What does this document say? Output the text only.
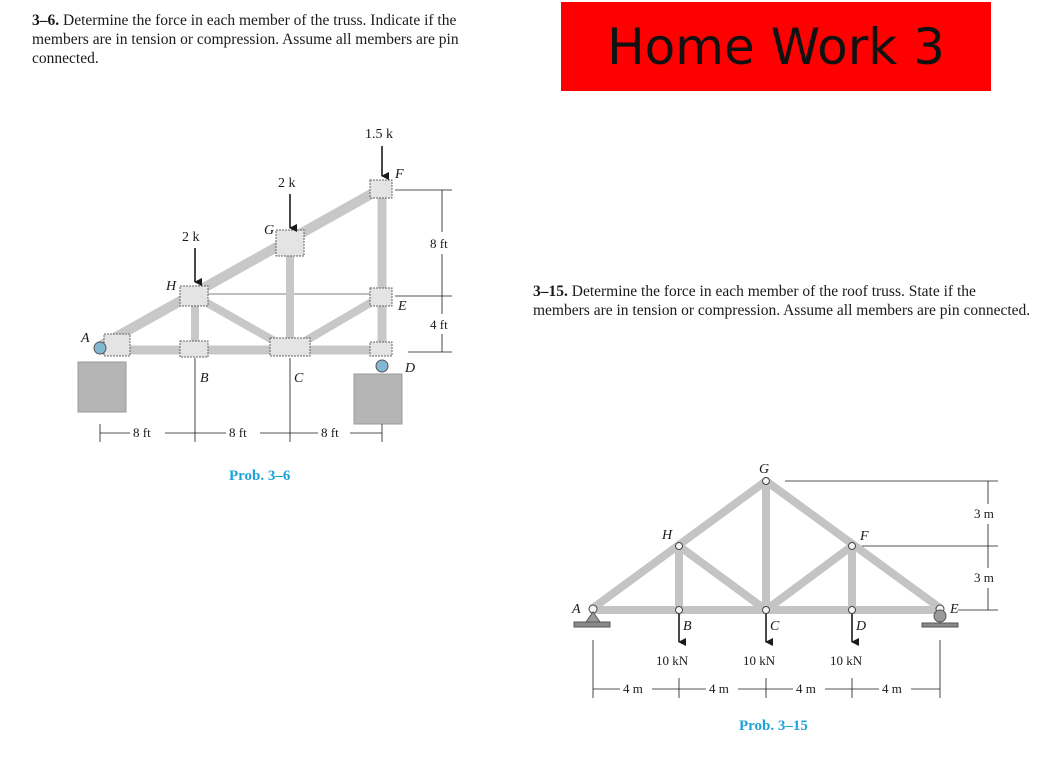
3–6. Determine the force in each member of the truss. Indicate if the members are in tension or compression. Assume all members are pin connected.	Home Work 3

3–15. Determine the force in each member of the roof truss. State if the members are in tension or compression. Assume all members are pin connected.

Prob. 3–6
Prob. 3–15
2 k
2 k
1.5 k
A
H
G
F
E
D
B	C
8 ft	8 ft	8 ft
8 ft
4 ft
10 kN	10 kN	10 kN
A
H
G
F
E
B	C	D
4 m	4 m	4 m	4 m
3 m
3 m
